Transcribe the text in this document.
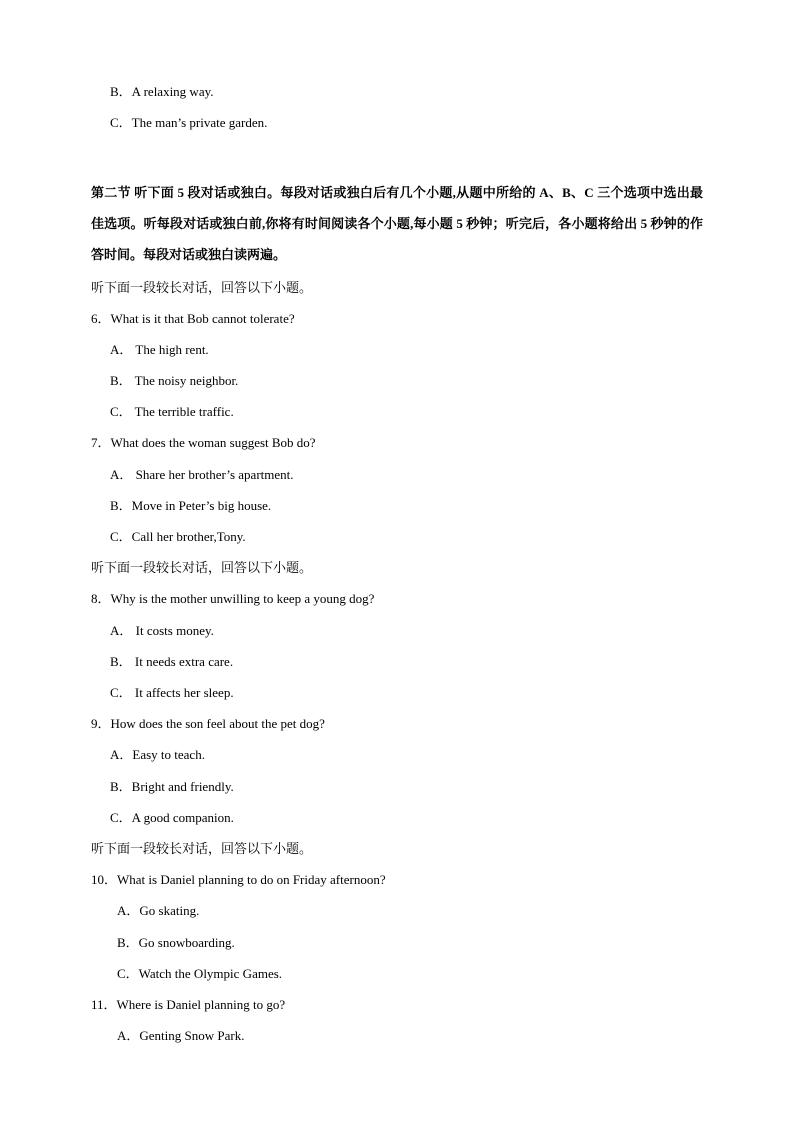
B．A relaxing way.
C．The man’s private garden.
第二节 听下面 5 段对话或独白。每段对话或独白后有几个小题,从题中所给的 A、B、C 三个选项中选出最佳选项。听每段对话或独白前,你将有时间阅读各个小题,每小题 5 秒钟；听完后，各小题将给出 5 秒钟的作答时间。每段对话或独白读两遍。
听下面一段较长对话，回答以下小题。
6．What is it that Bob cannot tolerate?
A． The high rent.
B． The noisy neighbor.
C． The terrible traffic.
7．What does the woman suggest Bob do?
A． Share her brother’s apartment.
B．Move in Peter’s big house.
C．Call her brother,Tony.
听下面一段较长对话，回答以下小题。
8．Why is the mother unwilling to keep a young dog?
A． It costs money.
B． It needs extra care.
C． It affects her sleep.
9．How does the son feel about the pet dog?
A．Easy to teach.
B．Bright and friendly.
C．A good companion.
听下面一段较长对话，回答以下小题。
10．What is Daniel planning to do on Friday afternoon?
A．Go skating.
B．Go snowboarding.
C．Watch the Olympic Games.
11．Where is Daniel planning to go?
A．Genting Snow Park.
